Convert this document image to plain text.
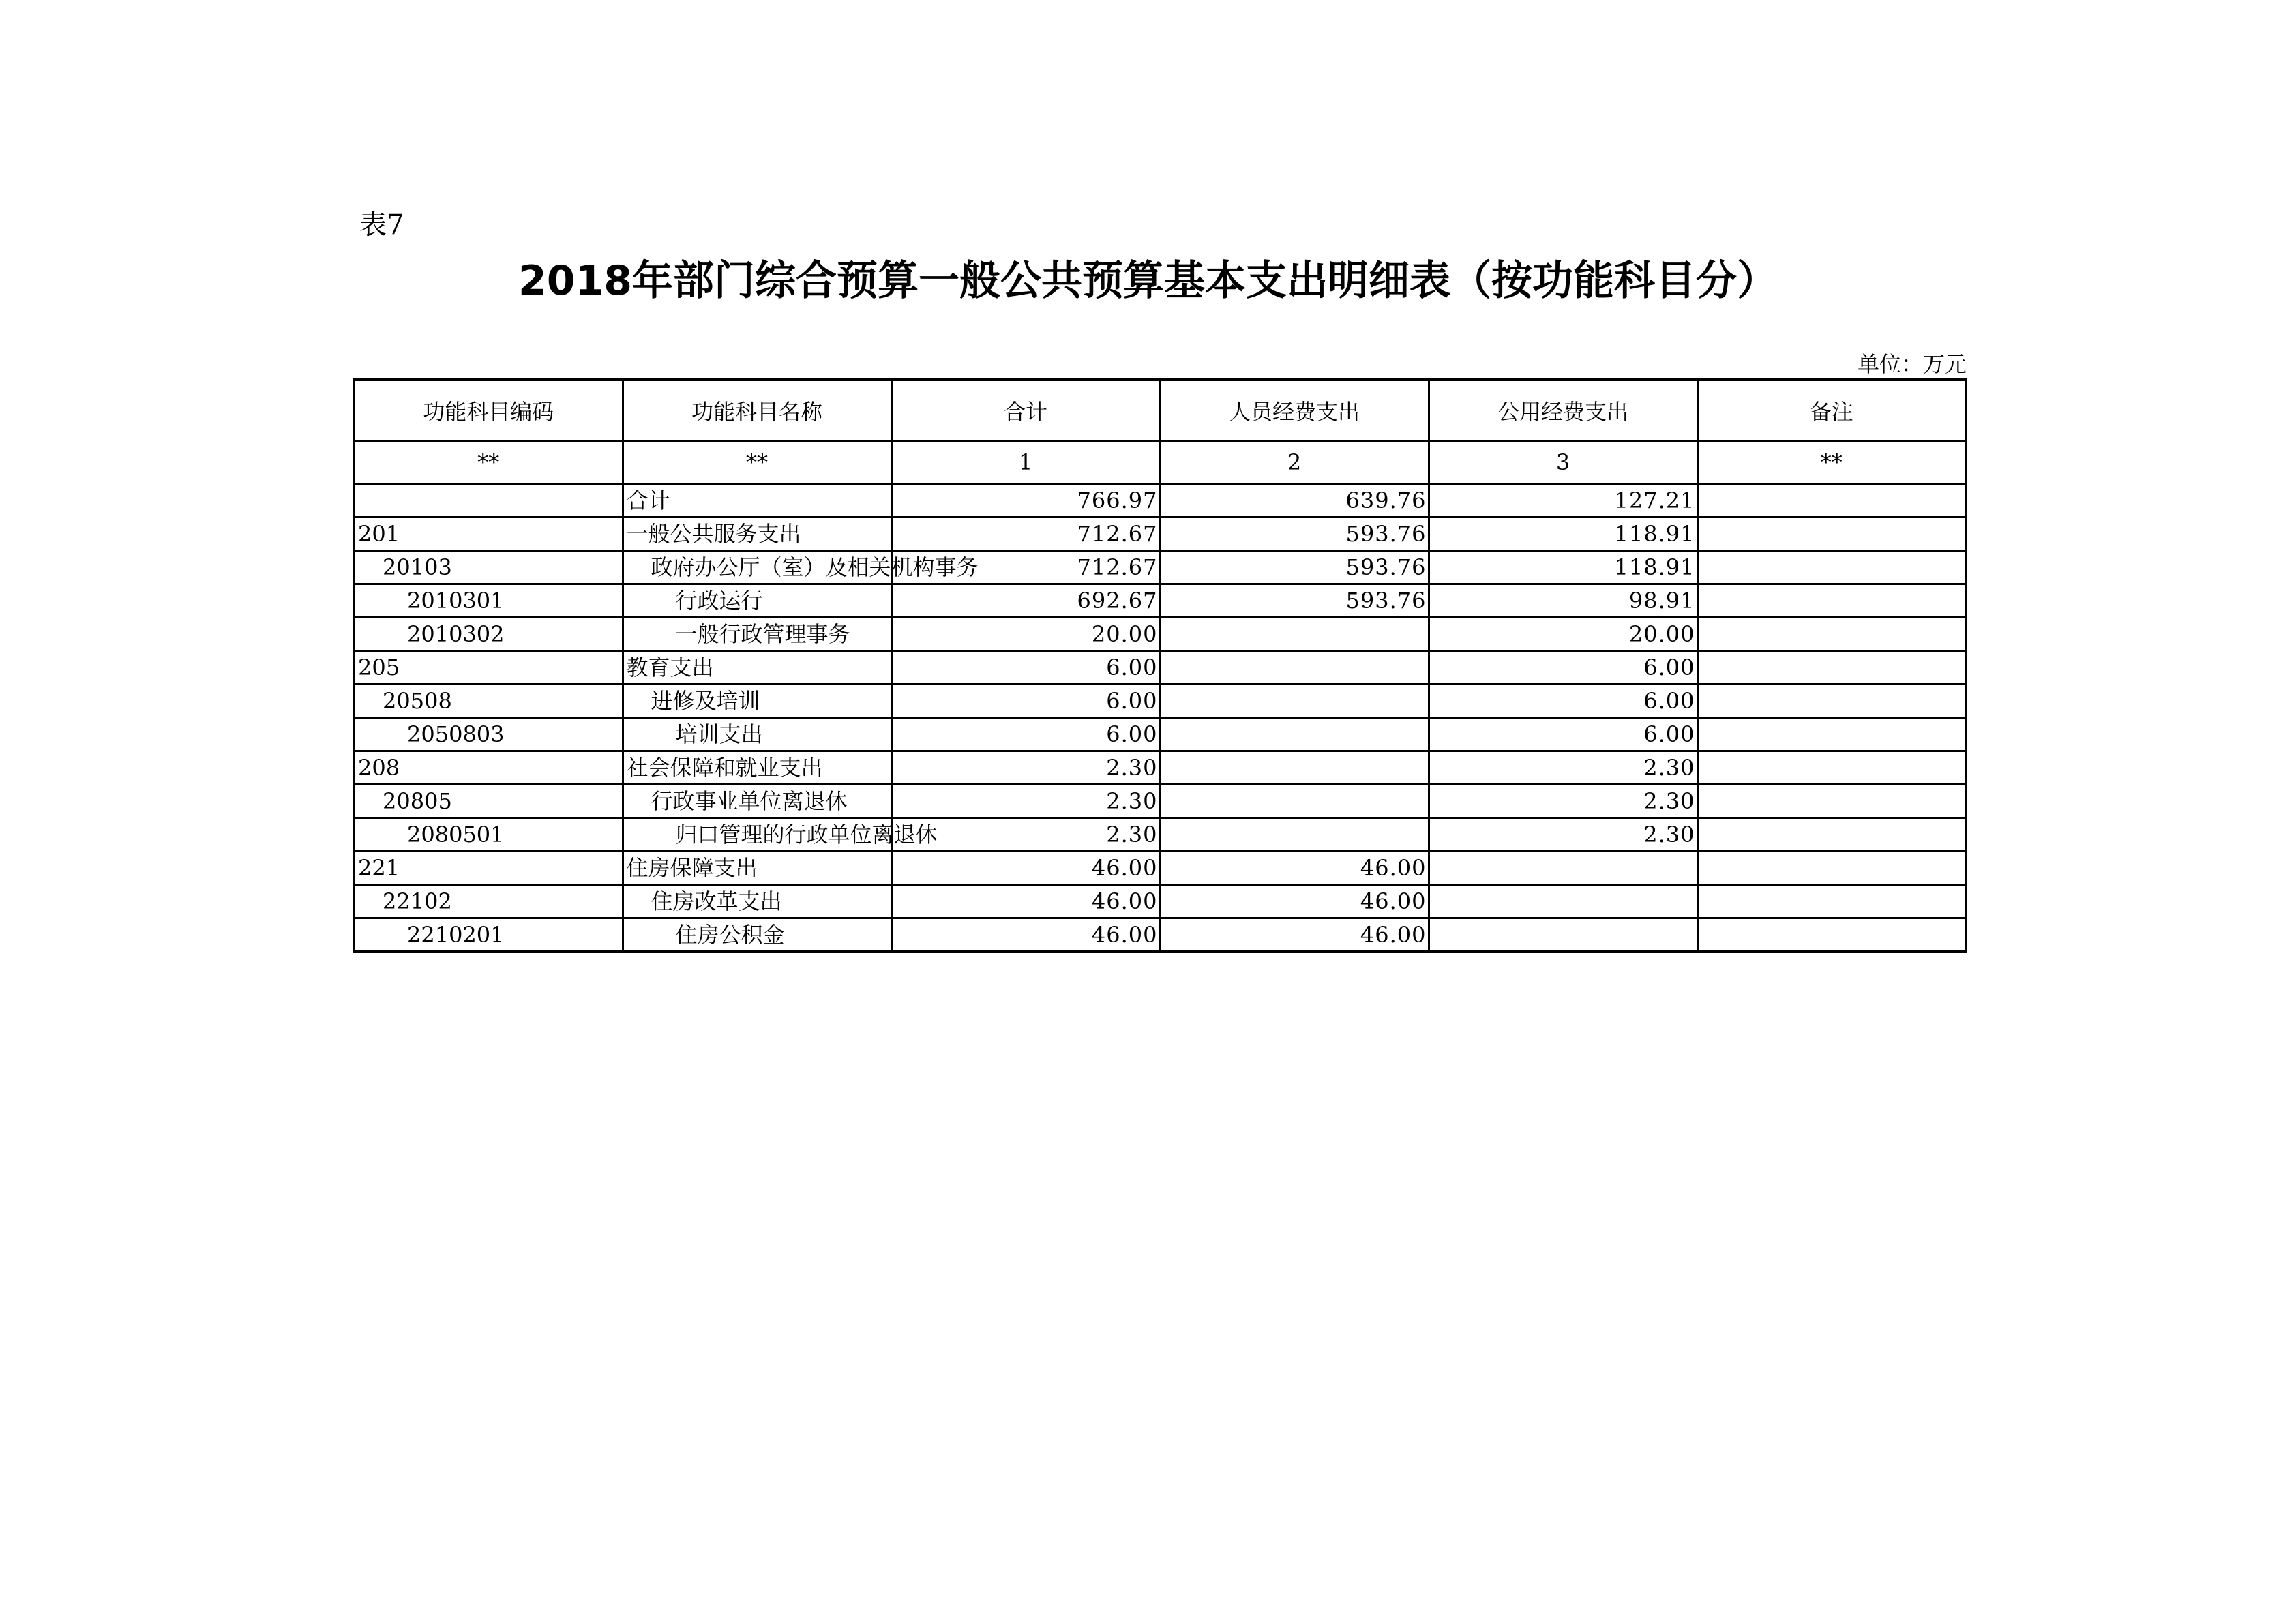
表7
2018年部门综合预算一般公共预算基本支出明细表（按功能科目分）
单位：万元
功能科目编码	功能科目名称	合计	人员经费支出	公用经费支出	备注
**	**	1	2	3	**
	合计	766.97	639.76	127.21	
201	一般公共服务支出	712.67	593.76	118.91	
20103	政府办公厅（室）及相关机构事务	712.67	593.76	118.91	
2010301	行政运行	692.67	593.76	98.91	
2010302	一般行政管理事务	20.00		20.00	
205	教育支出	6.00		6.00	
20508	进修及培训	6.00		6.00	
2050803	培训支出	6.00		6.00	
208	社会保障和就业支出	2.30		2.30	
20805	行政事业单位离退休	2.30		2.30	
2080501	归口管理的行政单位离退休	2.30		2.30	
221	住房保障支出	46.00	46.00		
22102	住房改革支出	46.00	46.00		
2210201	住房公积金	46.00	46.00		
